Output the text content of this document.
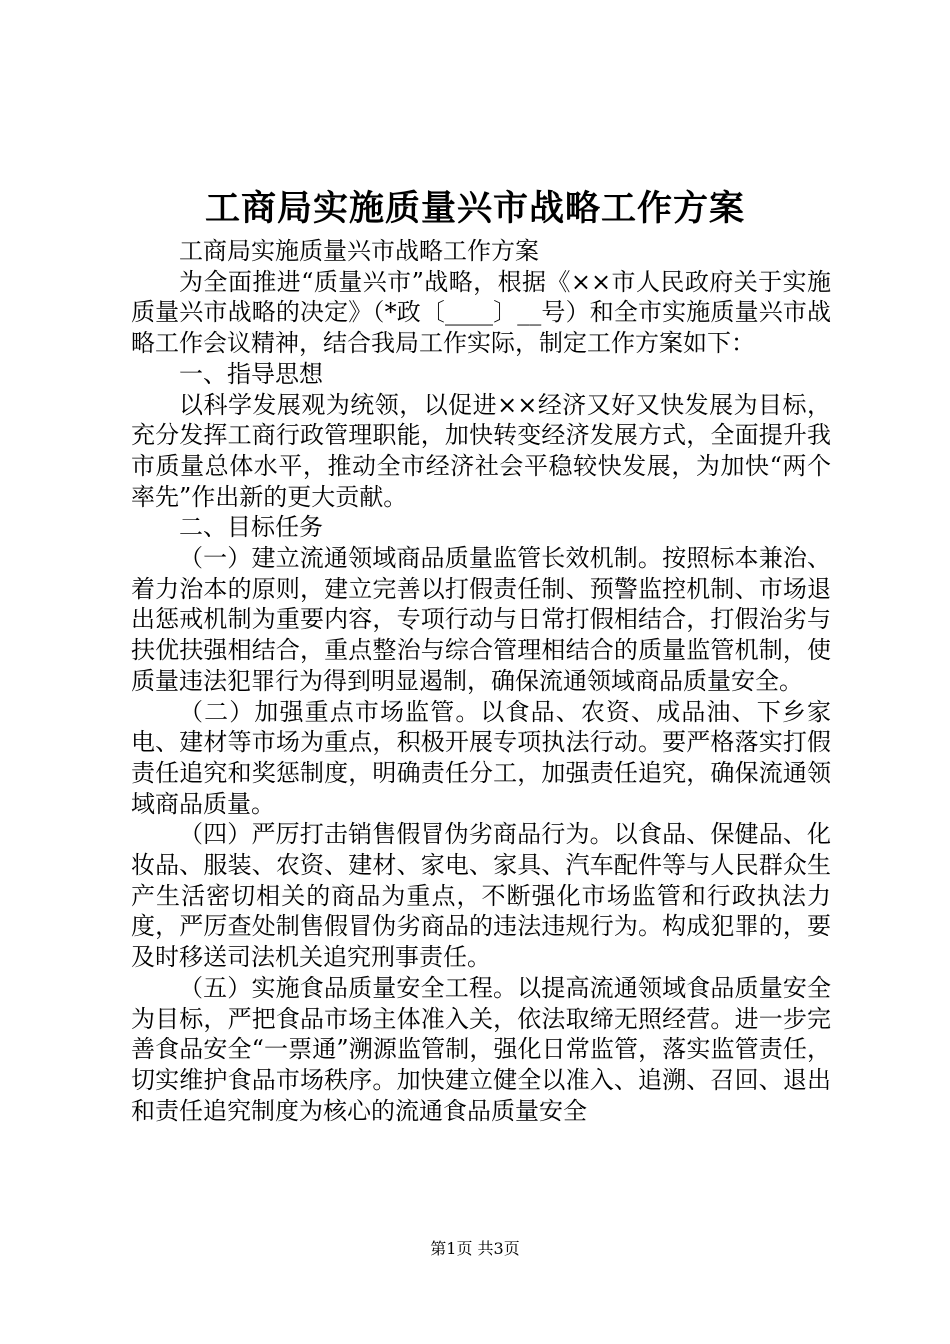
工商局实施质量兴市战略工作方案

工商局实施质量兴市战略工作方案

为全面推进“质量兴市”战略，根据《××市人民政府关于实施质量兴市战略的决定》（*政〔____〕__号）和全市实施质量兴市战略工作会议精神，结合我局工作实际，制定工作方案如下：

一、指导思想

以科学发展观为统领，以促进××经济又好又快发展为目标，充分发挥工商行政管理职能，加快转变经济发展方式，全面提升我市质量总体水平，推动全市经济社会平稳较快发展，为加快“两个率先”作出新的更大贡献。

二、目标任务

（一）建立流通领域商品质量监管长效机制。按照标本兼治、着力治本的原则，建立完善以打假责任制、预警监控机制、市场退出惩戒机制为重要内容，专项行动与日常打假相结合，打假治劣与扶优扶强相结合，重点整治与综合管理相结合的质量监管机制，使质量违法犯罪行为得到明显遏制，确保流通领域商品质量安全。

（二）加强重点市场监管。以食品、农资、成品油、下乡家电、建材等市场为重点，积极开展专项执法行动。要严格落实打假责任追究和奖惩制度，明确责任分工，加强责任追究，确保流通领域商品质量。

（四）严厉打击销售假冒伪劣商品行为。以食品、保健品、化妆品、服装、农资、建材、家电、家具、汽车配件等与人民群众生产生活密切相关的商品为重点，不断强化市场监管和行政执法力度，严厉查处制售假冒伪劣商品的违法违规行为。构成犯罪的，要及时移送司法机关追究刑事责任。

（五）实施食品质量安全工程。以提高流通领域食品质量安全为目标，严把食品市场主体准入关，依法取缔无照经营。进一步完善食品安全“一票通”溯源监管制，强化日常监管，落实监管责任，切实维护食品市场秩序。加快建立健全以准入、追溯、召回、退出和责任追究制度为核心的流通食品质量安全

第1页 共3页
